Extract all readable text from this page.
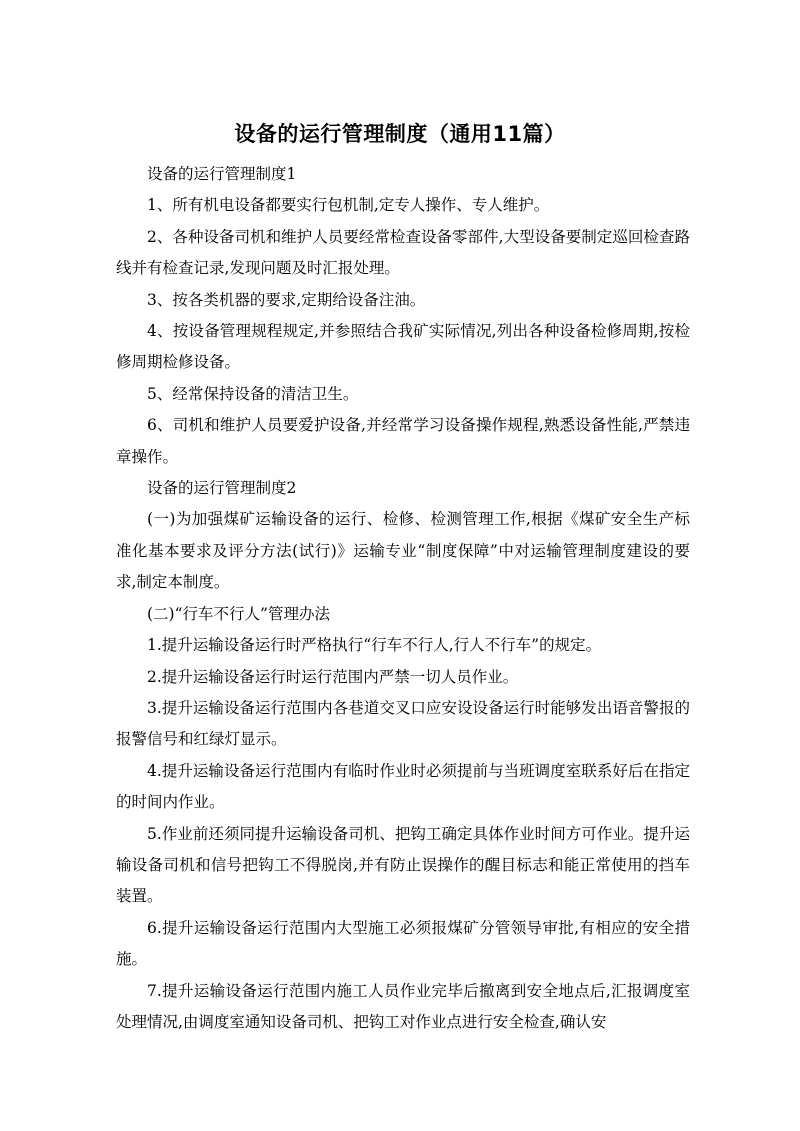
设备的运行管理制度（通用11篇）

设备的运行管理制度1

1、所有机电设备都要实行包机制,定专人操作、专人维护。

2、各种设备司机和维护人员要经常检查设备零部件,大型设备要制定巡回检查路线并有检查记录,发现问题及时汇报处理。

3、按各类机器的要求,定期给设备注油。

4、按设备管理规程规定,并参照结合我矿实际情况,列出各种设备检修周期,按检修周期检修设备。

5、经常保持设备的清洁卫生。

6、司机和维护人员要爱护设备,并经常学习设备操作规程,熟悉设备性能,严禁违章操作。

设备的运行管理制度2

(一)为加强煤矿运输设备的运行、检修、检测管理工作,根据《煤矿安全生产标准化基本要求及评分方法(试行)》运输专业“制度保障”中对运输管理制度建设的要求,制定本制度。

(二)“行车不行人”管理办法

1.提升运输设备运行时严格执行“行车不行人,行人不行车”的规定。

2.提升运输设备运行时运行范围内严禁一切人员作业。

3.提升运输设备运行范围内各巷道交叉口应安设设备运行时能够发出语音警报的报警信号和红绿灯显示。

4.提升运输设备运行范围内有临时作业时必须提前与当班调度室联系好后在指定的时间内作业。

5.作业前还须同提升运输设备司机、把钩工确定具体作业时间方可作业。提升运输设备司机和信号把钩工不得脱岗,并有防止误操作的醒目标志和能正常使用的挡车装置。

6.提升运输设备运行范围内大型施工必须报煤矿分管领导审批,有相应的安全措施。

7.提升运输设备运行范围内施工人员作业完毕后撤离到安全地点后,汇报调度室处理情况,由调度室通知设备司机、把钩工对作业点进行安全检查,确认安
